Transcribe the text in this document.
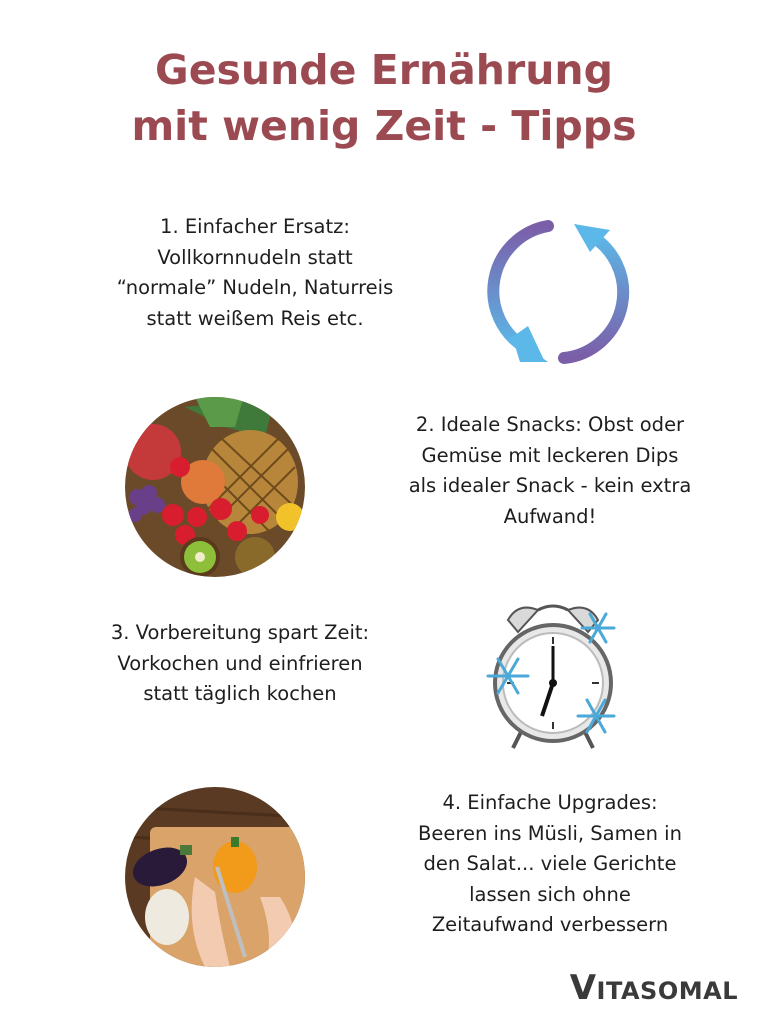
Gesunde Ernährung
mit wenig Zeit - Tipps

1. Einfacher Ersatz:
Vollkornnudeln statt
“normale” Nudeln, Naturreis
statt weißem Reis etc.

2. Ideale Snacks: Obst oder
Gemüse mit leckeren Dips
als idealer Snack - kein extra
Aufwand!

3. Vorbereitung spart Zeit:
Vorkochen und einfrieren
statt täglich kochen

4. Einfache Upgrades:
Beeren ins Müsli, Samen in
den Salat... viele Gerichte
lassen sich ohne
Zeitaufwand verbessern

VITASOMAL
